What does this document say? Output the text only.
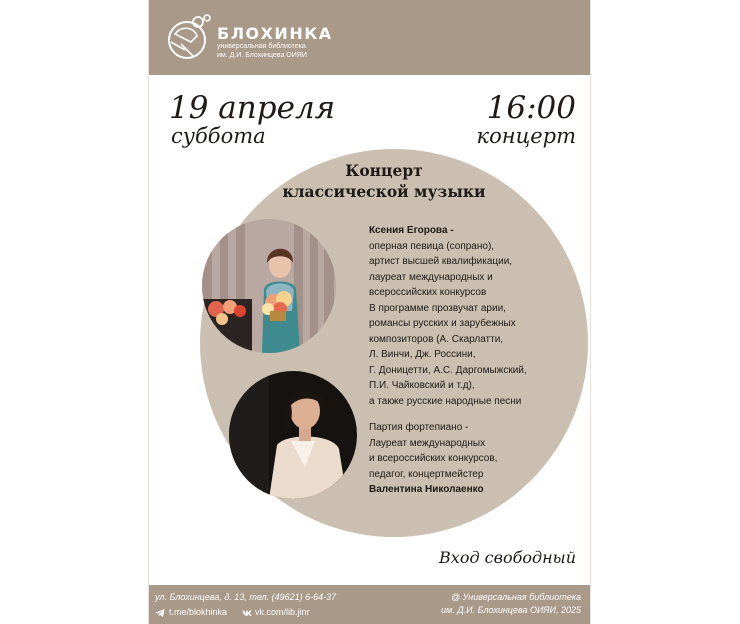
БЛОХИНКА
универсальная библиотека
им. Д.И. Блохинцева ОИЯИ
19 апреля
суббота
16:00
концерт
Концерт
классической музыки
Ксения Егорова -
оперная певица (сопрано),
артист высшей квалификации,
лауреат международных и
всероссийских конкурсов
В программе прозвучат арии,
романсы русских и зарубежных
композиторов (А. Скарлатти,
Л. Винчи, Дж. Россини,
Г. Доницетти, А.С. Даргомыжский,
П.И. Чайковский и т.д),
а также русские народные песни
Партия фортепиано -
Лауреат международных
и всероссийских конкурсов,
педагог, концертмейстер
Валентина Николаенко
Вход свободный
ул. Блохинцева, д. 13, тел. (49621) 6-64-37
t.me/blokhinka	vk.com/lib.jinr
@ Универсальная библиотека
им. Д.И. Блохинцева ОИЯИ, 2025
